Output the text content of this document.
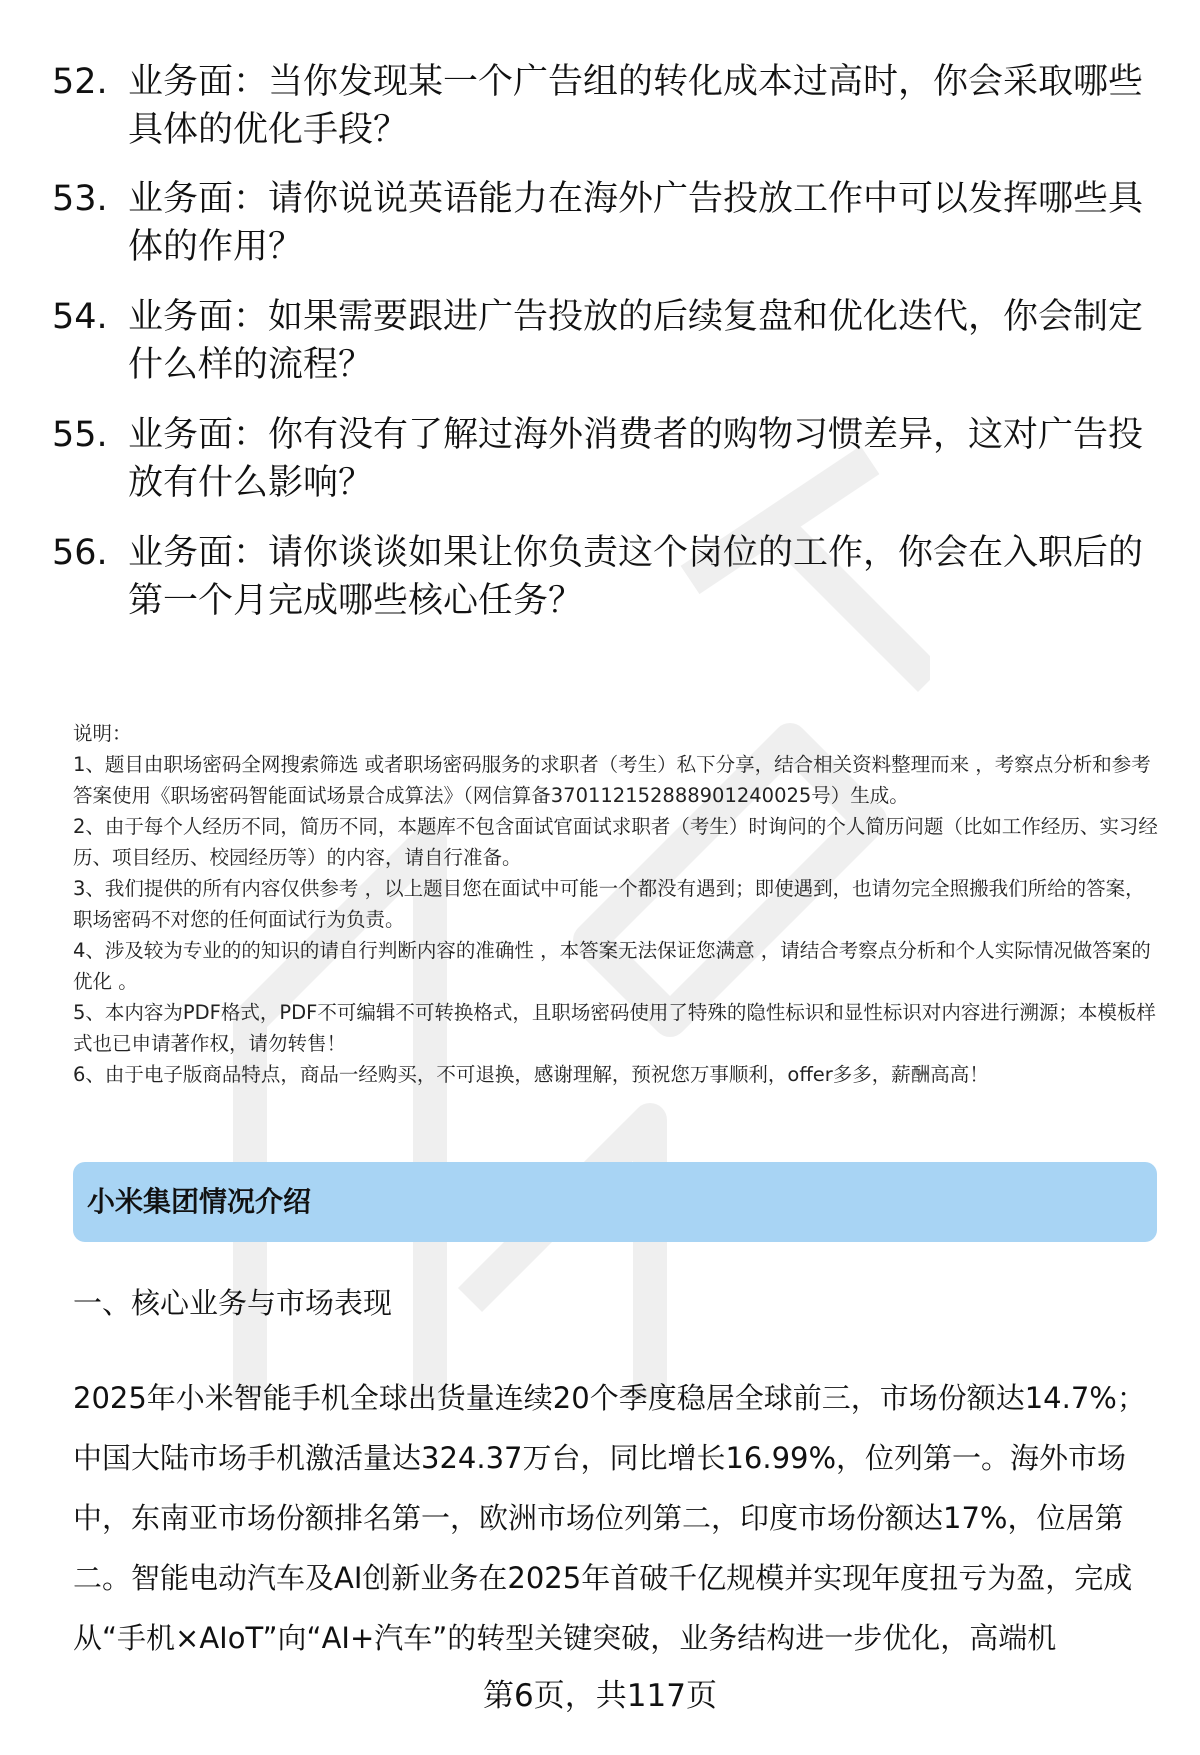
52. 业务面：当你发现某一个广告组的转化成本过高时，你会采取哪些具体的优化手段？
53. 业务面：请你说说英语能力在海外广告投放工作中可以发挥哪些具体的作用？
54. 业务面：如果需要跟进广告投放的后续复盘和优化迭代，你会制定什么样的流程？
55. 业务面：你有没有了解过海外消费者的购物习惯差异，这对广告投放有什么影响？
56. 业务面：请你谈谈如果让你负责这个岗位的工作，你会在入职后的第一个月完成哪些核心任务？

说明：

1、题目由职场密码全网搜索筛选 或者职场密码服务的求职者（考生）私下分享，结合相关资料整理而来 ，考察点分析和参考答案使用《职场密码智能面试场景合成算法》（网信算备370112152888901240025号）生成。

2、由于每个人经历不同，简历不同，本题库不包含面试官面试求职者（考生）时询问的个人简历问题（比如工作经历、实习经历、项目经历、校园经历等）的内容，请自行准备。

3、我们提供的所有内容仅供参考 ，以上题目您在面试中可能一个都没有遇到；即使遇到，也请勿完全照搬我们所给的答案，职场密码不对您的任何面试行为负责。

4、涉及较为专业的的知识的请自行判断内容的准确性 ，本答案无法保证您满意 ，请结合考察点分析和个人实际情况做答案的优化 。

5、本内容为PDF格式，PDF不可编辑不可转换格式，且职场密码使用了特殊的隐性标识和显性标识对内容进行溯源；本模板样式也已申请著作权，请勿转售！

6、由于电子版商品特点，商品一经购买，不可退换，感谢理解，预祝您万事顺利，offer多多，薪酬高高！

小米集团情况介绍
一、核心业务与市场表现

2025年小米智能手机全球出货量连续20个季度稳居全球前三，市场份额达14.7%；中国大陆市场手机激活量达324.37万台，同比增长16.99%，位列第一。海外市场中，东南亚市场份额排名第一，欧洲市场位列第二，印度市场份额达17%，位居第二。智能电动汽车及AI创新业务在2025年首破千亿规模并实现年度扭亏为盈，完成从“手机×AIoT”向“AI+汽车”的转型关键突破，业务结构进一步优化，高端机

第6页，共117页
